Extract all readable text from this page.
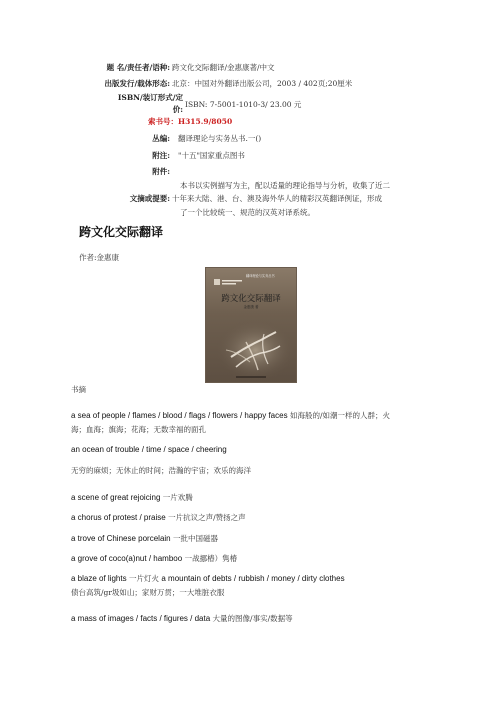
题 名/责任者/语种: 跨文化交际翻译/金惠康著/中文
出版发行/载体形态: 北京：中国对外翻译出版公司，2003 / 402页;20厘米
ISBN/装订形式/定
价:
ISBN: 7-5001-1010-3/ 23.00 元
索书号：H315.9/8050
丛编: 翻译理论与实务丛书.一()
附注: "十五"国家重点图书
附件:
本书以实例描写为主，配以适量的理论指导与分析，收集了近二
文摘或提要: 十年来大陆、港、台、澳及海外华人的精彩汉英翻译例证，形成
了一个比较统一、规范的汉英对译系统。
跨文化交际翻译
作者:金惠康
翻译理论与实务丛书
跨文化交际翻译
金惠康 著
书摘
a sea of people / flames / blood / flags / flowers / happy faces 如海般的/如潮一样的人群；火
海；血海；旗海；花海；无数幸福的面孔
an ocean of trouble / time / space / cheering
无穷的麻烦；无休止的时间；浩瀚的宇宙；欢乐的海洋
a scene of great rejoicing 一片欢腾
a chorus of protest / praise 一片抗议之声/赞扬之声
a trove of Chinese porcelain 一批中国磁器
a grove of coco(a)nut / hamboo 一战挪椿）隽椿
a blaze of lights 一片灯火 a mountain of debts / rubbish / money / dirty clothes
债台高筑/gr圾如山；家财万贯；一大堆脏衣服
a mass of images / facts / figures / data 大量的图像/事实/数据等
